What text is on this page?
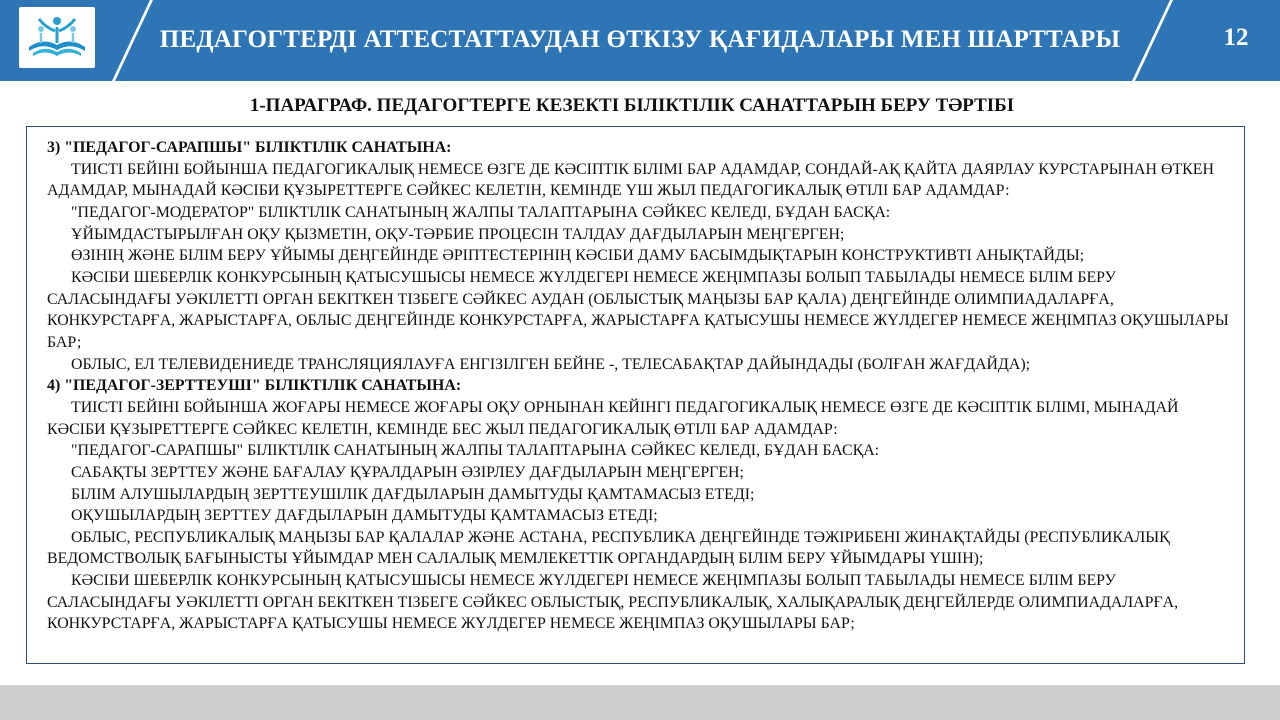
ПЕДАГОГТЕРДІ АТТЕСТАТТАУДАН ӨТКІЗУ ҚАҒИДАЛАРЫ МЕН ШАРТТАРЫ	12
1-ПАРАГРАФ. ПЕДАГОГТЕРГЕ КЕЗЕКТІ БІЛІКТІЛІК САНАТТАРЫН БЕРУ ТӘРТІБІ

3) "ПЕДАГОГ-САРАПШЫ" БІЛІКТІЛІК САНАТЫНА:

ТИІСТІ БЕЙІНІ БОЙЫНША ПЕДАГОГИКАЛЫҚ НЕМЕСЕ ӨЗГЕ ДЕ КӘСІПТІК БІЛІМІ БАР АДАМДАР, СОНДАЙ-АҚ ҚАЙТА ДАЯРЛАУ КУРСТАРЫНАН ӨТКЕН АДАМДАР, МЫНАДАЙ КӘСІБИ ҚҰЗЫРЕТТЕРГЕ СӘЙКЕС КЕЛЕТІН, КЕМІНДЕ ҮШ ЖЫЛ ПЕДАГОГИКАЛЫҚ ӨТІЛІ БАР АДАМДАР:

"ПЕДАГОГ-МОДЕРАТОР" БІЛІКТІЛІК САНАТЫНЫҢ ЖАЛПЫ ТАЛАПТАРЫНА СӘЙКЕС КЕЛЕДІ, БҰДАН БАСҚА:

ҰЙЫМДАСТЫРЫЛҒАН ОҚУ ҚЫЗМЕТІН, ОҚУ-ТӘРБИЕ ПРОЦЕСІН ТАЛДАУ ДАҒДЫЛАРЫН МЕҢГЕРГЕН;

ӨЗІНІҢ ЖӘНЕ БІЛІМ БЕРУ ҰЙЫМЫ ДЕҢГЕЙІНДЕ ӘРІПТЕСТЕРІНІҢ КӘСІБИ ДАМУ БАСЫМДЫҚТАРЫН КОНСТРУКТИВТІ АНЫҚТАЙДЫ;

КӘСІБИ ШЕБЕРЛІК КОНКУРСЫНЫҢ ҚАТЫСУШЫСЫ НЕМЕСЕ ЖҮЛДЕГЕРІ НЕМЕСЕ ЖЕҢІМПАЗЫ БОЛЫП ТАБЫЛАДЫ НЕМЕСЕ БІЛІМ БЕРУ САЛАСЫНДАҒЫ УӘКІЛЕТТІ ОРГАН БЕКІТКЕН ТІЗБЕГЕ СӘЙКЕС АУДАН (ОБЛЫСТЫҚ МАҢЫЗЫ БАР ҚАЛА) ДЕҢГЕЙІНДЕ ОЛИМПИАДАЛАРҒА, КОНКУРСТАРҒА, ЖАРЫСТАРҒА, ОБЛЫС ДЕҢГЕЙІНДЕ КОНКУРСТАРҒА, ЖАРЫСТАРҒА ҚАТЫСУШЫ НЕМЕСЕ ЖҮЛДЕГЕР НЕМЕСЕ ЖЕҢІМПАЗ ОҚУШЫЛАРЫ БАР;

ОБЛЫС, ЕЛ ТЕЛЕВИДЕНИЕДЕ ТРАНСЛЯЦИЯЛАУҒА ЕНГІЗІЛГЕН БЕЙНЕ -, ТЕЛЕСАБАҚТАР ДАЙЫНДАДЫ (БОЛҒАН ЖАҒДАЙДА);

4) "ПЕДАГОГ-ЗЕРТТЕУШІ" БІЛІКТІЛІК САНАТЫНА:

ТИІСТІ БЕЙІНІ БОЙЫНША ЖОҒАРЫ НЕМЕСЕ ЖОҒАРЫ ОҚУ ОРНЫНАН КЕЙІНГІ ПЕДАГОГИКАЛЫҚ НЕМЕСЕ ӨЗГЕ ДЕ КӘСІПТІК БІЛІМІ, МЫНАДАЙ КӘСІБИ ҚҰЗЫРЕТТЕРГЕ СӘЙКЕС КЕЛЕТІН, КЕМІНДЕ БЕС ЖЫЛ ПЕДАГОГИКАЛЫҚ ӨТІЛІ БАР АДАМДАР:

"ПЕДАГОГ-САРАПШЫ" БІЛІКТІЛІК САНАТЫНЫҢ ЖАЛПЫ ТАЛАПТАРЫНА СӘЙКЕС КЕЛЕДІ, БҰДАН БАСҚА:

САБАҚТЫ ЗЕРТТЕУ ЖӘНЕ БАҒАЛАУ ҚҰРАЛДАРЫН ӘЗІРЛЕУ ДАҒДЫЛАРЫН МЕҢГЕРГЕН;

БІЛІМ АЛУШЫЛАРДЫҢ ЗЕРТТЕУШІЛІК ДАҒДЫЛАРЫН ДАМЫТУДЫ ҚАМТАМАСЫЗ ЕТЕДІ;

ОҚУШЫЛАРДЫҢ ЗЕРТТЕУ ДАҒДЫЛАРЫН ДАМЫТУДЫ ҚАМТАМАСЫЗ ЕТЕДІ;

ОБЛЫС, РЕСПУБЛИКАЛЫҚ МАҢЫЗЫ БАР ҚАЛАЛАР ЖӘНЕ АСТАНА, РЕСПУБЛИКА ДЕҢГЕЙІНДЕ ТӘЖІРИБЕНІ ЖИНАҚТАЙДЫ (РЕСПУБЛИКАЛЫҚ ВЕДОМСТВОЛЫҚ БАҒЫНЫСТЫ ҰЙЫМДАР МЕН САЛАЛЫҚ МЕМЛЕКЕТТІК ОРГАНДАРДЫҢ БІЛІМ БЕРУ ҰЙЫМДАРЫ ҮШІН);

КӘСІБИ ШЕБЕРЛІК КОНКУРСЫНЫҢ ҚАТЫСУШЫСЫ НЕМЕСЕ ЖҮЛДЕГЕРІ НЕМЕСЕ ЖЕҢІМПАЗЫ БОЛЫП ТАБЫЛАДЫ НЕМЕСЕ БІЛІМ БЕРУ САЛАСЫНДАҒЫ УӘКІЛЕТТІ ОРГАН БЕКІТКЕН ТІЗБЕГЕ СӘЙКЕС ОБЛЫСТЫҚ, РЕСПУБЛИКАЛЫҚ, ХАЛЫҚАРАЛЫҚ ДЕҢГЕЙЛЕРДЕ ОЛИМПИАДАЛАРҒА, КОНКУРСТАРҒА, ЖАРЫСТАРҒА ҚАТЫСУШЫ НЕМЕСЕ ЖҮЛДЕГЕР НЕМЕСЕ ЖЕҢІМПАЗ ОҚУШЫЛАРЫ БАР;
